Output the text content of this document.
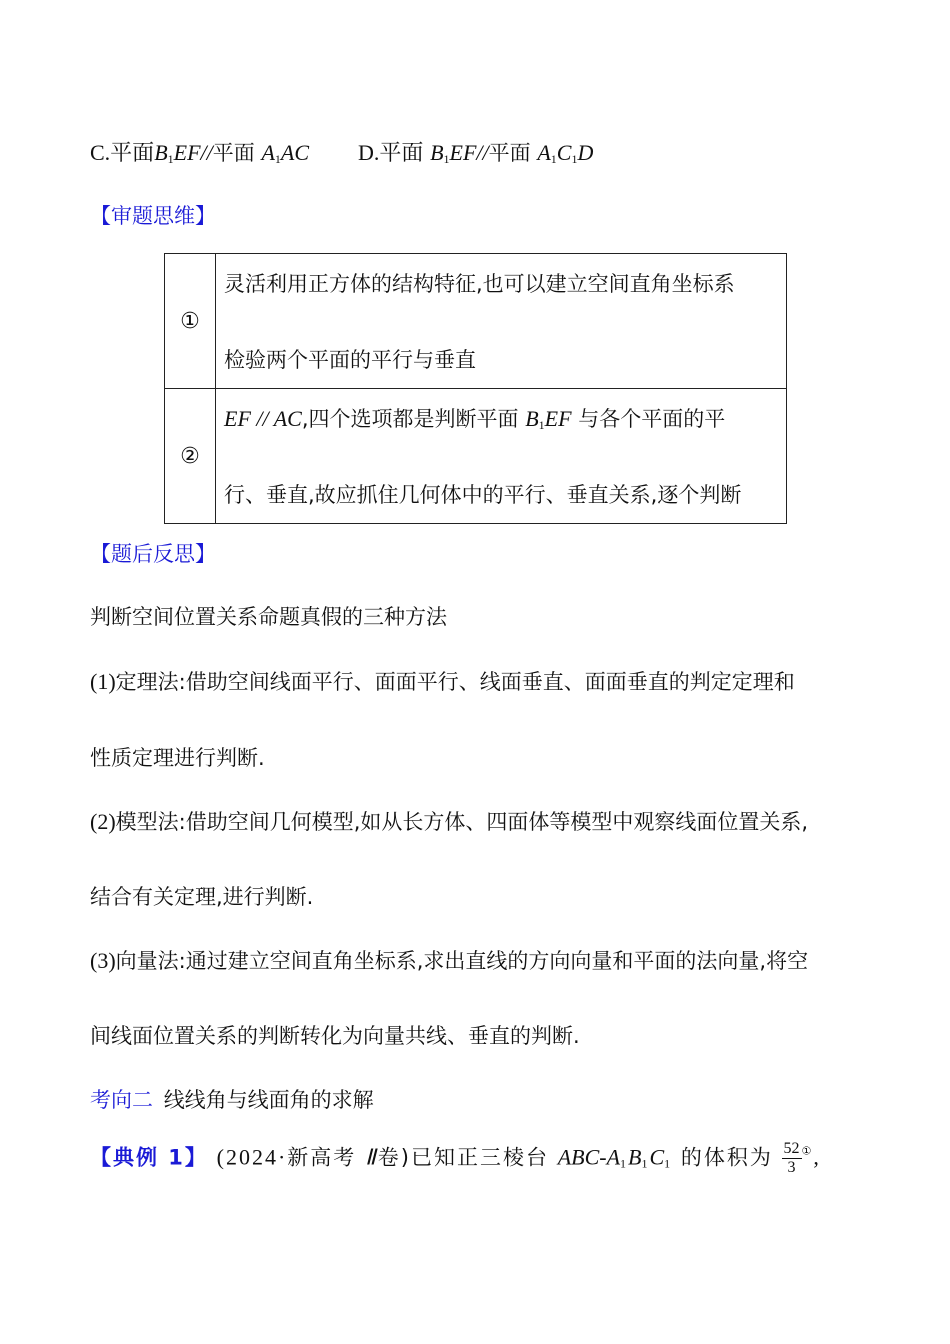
C.平面$B_1EF//$平面 $A_1AC$ D.平面 $B_1EF//$平面 $A_1C_1D$
【审题思维】
①	灵活利用正方体的结构特征,也可以建立空间直角坐标系
检验两个平面的平行与垂直

②	EF // AC,四个选项都是判断平面 $B_1EF$ 与各个平面的平
行、垂直,故应抓住几何体中的平行、垂直关系,逐个判断
【题后反思】
判断空间位置关系命题真假的三种方法
(1)定理法:借助空间线面平行、面面平行、线面垂直、面面垂直的判定定理和
性质定理进行判断.
(2)模型法:借助空间几何模型,如从长方体、四面体等模型中观察线面位置关系,
结合有关定理,进行判断.
(3)向量法:通过建立空间直角坐标系,求出直线的方向向量和平面的法向量,将空
间线面位置关系的判断转化为向量共线、垂直的判断.
考向二 线线角与线面角的求解
【典例 1】 (2024·新高考 Ⅱ卷)已知正三棱台 ABC-$A_1B_1C_1$ 的体积为 $\frac{52}{3} ^①$,
